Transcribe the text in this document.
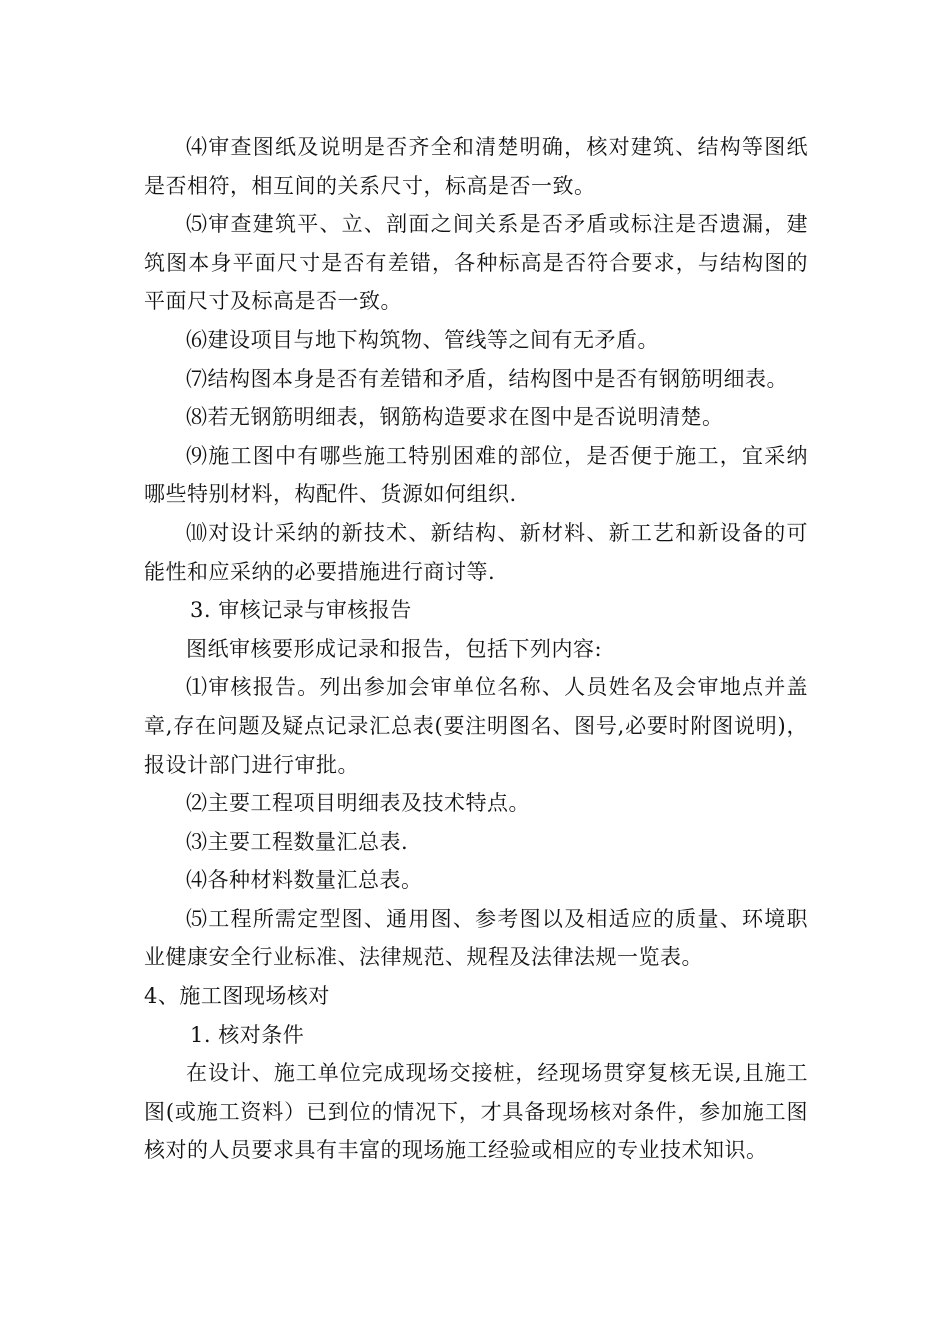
⑷审查图纸及说明是否齐全和清楚明确，核对建筑、结构等图纸是否相符，相互间的关系尺寸，标高是否一致。

⑸审查建筑平、立、剖面之间关系是否矛盾或标注是否遗漏，建筑图本身平面尺寸是否有差错，各种标高是否符合要求，与结构图的平面尺寸及标高是否一致。

⑹建设项目与地下构筑物、管线等之间有无矛盾。

⑺结构图本身是否有差错和矛盾，结构图中是否有钢筋明细表。

⑻若无钢筋明细表，钢筋构造要求在图中是否说明清楚。

⑼施工图中有哪些施工特别困难的部位，是否便于施工，宜采纳哪些特别材料，构配件、货源如何组织.

⑽对设计采纳的新技术、新结构、新材料、新工艺和新设备的可能性和应采纳的必要措施进行商讨等.

3. 审核记录与审核报告

图纸审核要形成记录和报告，包括下列内容:

⑴审核报告。列出参加会审单位名称、人员姓名及会审地点并盖章,存在问题及疑点记录汇总表(要注明图名、图号,必要时附图说明)，报设计部门进行审批。

⑵主要工程项目明细表及技术特点。

⑶主要工程数量汇总表.

⑷各种材料数量汇总表。

⑸工程所需定型图、通用图、参考图以及相适应的质量、环境职业健康安全行业标准、法律规范、规程及法律法规一览表。

4、施工图现场核对

1. 核对条件

在设计、施工单位完成现场交接桩，经现场贯穿复核无误,且施工图(或施工资料）已到位的情况下，才具备现场核对条件，参加施工图核对的人员要求具有丰富的现场施工经验或相应的专业技术知识。
